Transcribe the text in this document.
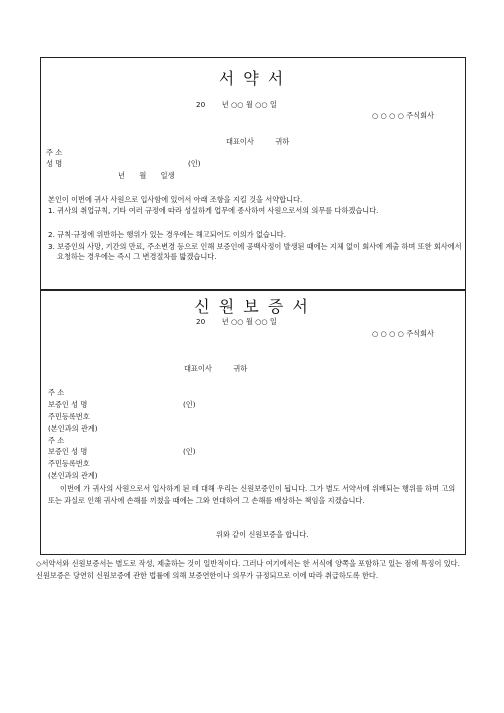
서 약 서
20　　 년 ○○ 월 ○○ 일
○ ○ ○ ○ 주식회사
대표이사　　　귀하
주 소
성 명	(인)
년　　월　　일생
본인이 이번에 귀사 사원으로 입사함에 있어서 아래 조항을 지킬 것을 서약합니다.
1. 귀사의 취업규칙, 기타 여러 규정에 따라 성실하게 업무에 종사하여 사원으로서의 의무를 다하겠습니다.
2. 규칙·규정에 위반하는 행위가 있는 경우에는 해고되어도 이의가 없습니다.
3. 보증인의 사망, 기간의 만료, 주소변경 등으로 인해 보증인에 공백사정이 발생된 때에는 지체 없이 회사에 계출 하며 또한 회사에서 요청하는 경우에는 즉시 그 변경절차를 밟겠습니다.
신 원 보 증 서
20　　 년 ○○ 월 ○○ 일
○ ○ ○ ○ 주식회사
대표이사　　　귀하
주 소
보증인 성 명	(인)
주민등록번호
(본인과의 관계)
주 소
보증인 성 명	(인)
주민등록번호
(본인과의 관계)
이번에 가 귀사의 사원으로서 입사하게 된 데 대해 우리는 신원보증인이 됩니다. 그가 별도 서약서에 위배되는 행위를 하며 고의 또는 과실로 인해 귀사에 손해를 끼쳤을 때에는 그와 연대하여 그 손해를 배상하는 책임을 지겠습니다.
위와 같이 신원보증을 합니다.
◇서약서와 신원보증서는 별도로 작성, 제출하는 것이 일반적이다. 그러나 여기에서는 한 서식에 양쪽을 포함하고 있는 점에 특징이 있다. 신원보증은 당연히 신원보증에 관한 법률에 의해 보증연한이나 의무가 규정되므로 이에 따라 취급하도록 한다.
